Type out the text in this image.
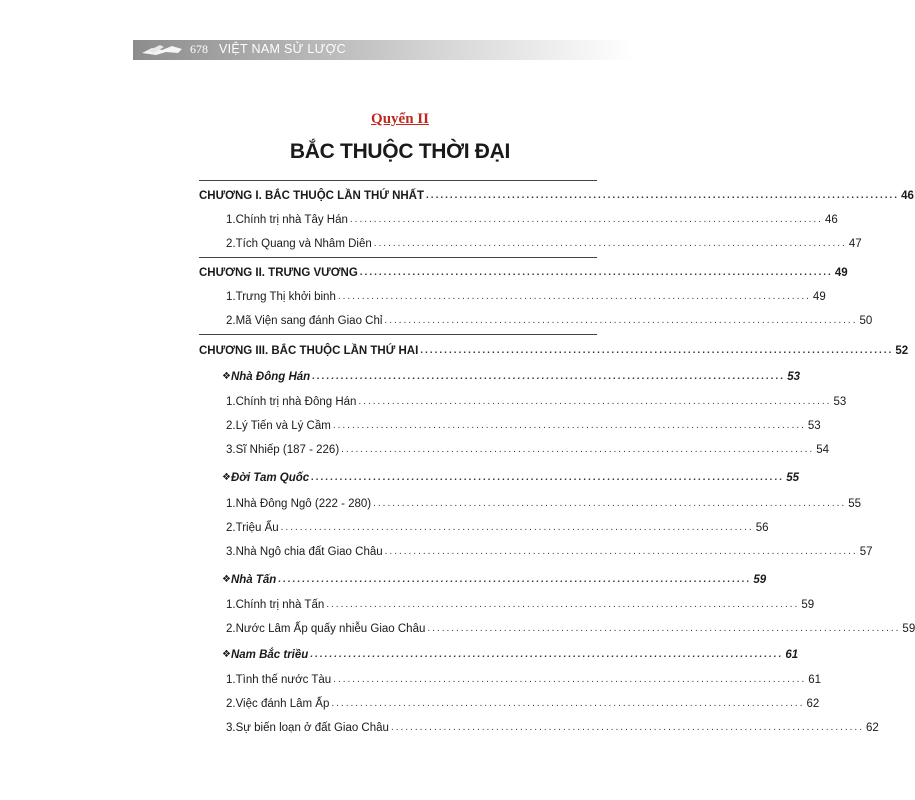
678 VIỆT NAM SỬ LƯỢC
Quyển II
BẮC THUỘC THỜI ĐẠI
CHƯƠNG I. BẮC THUỘC LẦN THỨ NHẤT ................................................................................................... 46
1. Chính trị nhà Tây Hán ................................................................................................... 46
2. Tích Quang và Nhâm Diên ................................................................................................... 47
CHƯƠNG II. TRƯNG VƯƠNG ................................................................................................... 49
1. Trưng Thị khởi binh ................................................................................................... 49
2. Mã Viện sang đánh Giao Chỉ ................................................................................................... 50
CHƯƠNG III. BẮC THUỘC LẦN THỨ HAI ................................................................................................... 52
❖ Nhà Đông Hán ................................................................................................... 53
1. Chính trị nhà Đông Hán ................................................................................................... 53
2. Lý Tiến và Lý Cầm ................................................................................................... 53
3. Sĩ Nhiếp (187 - 226) ................................................................................................... 54
❖ Đời Tam Quốc ................................................................................................... 55
1. Nhà Đông Ngô (222 - 280) ................................................................................................... 55
2. Triệu Ẩu ................................................................................................... 56
3. Nhà Ngô chia đất Giao Châu ................................................................................................... 57
❖ Nhà Tấn ................................................................................................... 59
1. Chính trị nhà Tấn ................................................................................................... 59
2. Nước Lâm Ấp quấy nhiễu Giao Châu ................................................................................................... 59
❖ Nam Bắc triều ................................................................................................... 61
1. Tình thế nước Tàu ................................................................................................... 61
2. Việc đánh Lâm Ấp ................................................................................................... 62
3. Sự biến loạn ở đất Giao Châu ................................................................................................... 62
